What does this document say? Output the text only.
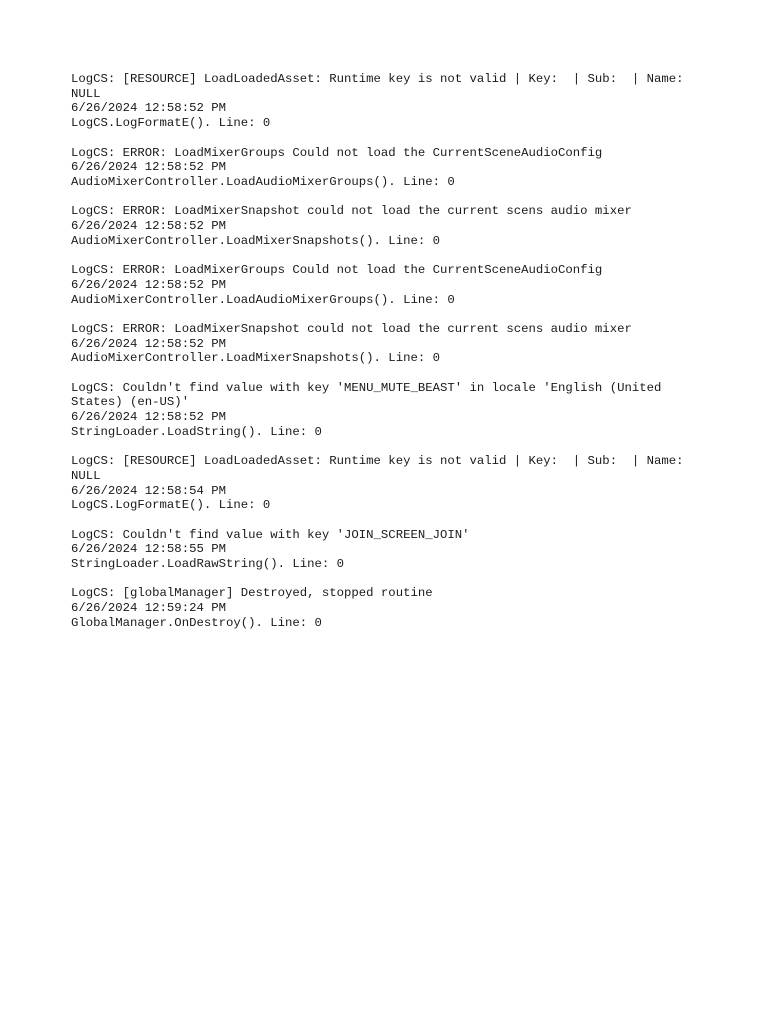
LogCS: [RESOURCE] LoadLoadedAsset: Runtime key is not valid | Key:  | Sub:  | Name:
NULL
6/26/2024 12:58:52 PM
LogCS.LogFormatE(). Line: 0
LogCS: ERROR: LoadMixerGroups Could not load the CurrentSceneAudioConfig
6/26/2024 12:58:52 PM
AudioMixerController.LoadAudioMixerGroups(). Line: 0
LogCS: ERROR: LoadMixerSnapshot could not load the current scens audio mixer
6/26/2024 12:58:52 PM
AudioMixerController.LoadMixerSnapshots(). Line: 0
LogCS: ERROR: LoadMixerGroups Could not load the CurrentSceneAudioConfig
6/26/2024 12:58:52 PM
AudioMixerController.LoadAudioMixerGroups(). Line: 0
LogCS: ERROR: LoadMixerSnapshot could not load the current scens audio mixer
6/26/2024 12:58:52 PM
AudioMixerController.LoadMixerSnapshots(). Line: 0
LogCS: Couldn't find value with key 'MENU_MUTE_BEAST' in locale 'English (United
States) (en-US)'
6/26/2024 12:58:52 PM
StringLoader.LoadString(). Line: 0
LogCS: [RESOURCE] LoadLoadedAsset: Runtime key is not valid | Key:  | Sub:  | Name:
NULL
6/26/2024 12:58:54 PM
LogCS.LogFormatE(). Line: 0
LogCS: Couldn't find value with key 'JOIN_SCREEN_JOIN'
6/26/2024 12:58:55 PM
StringLoader.LoadRawString(). Line: 0
LogCS: [globalManager] Destroyed, stopped routine
6/26/2024 12:59:24 PM
GlobalManager.OnDestroy(). Line: 0
